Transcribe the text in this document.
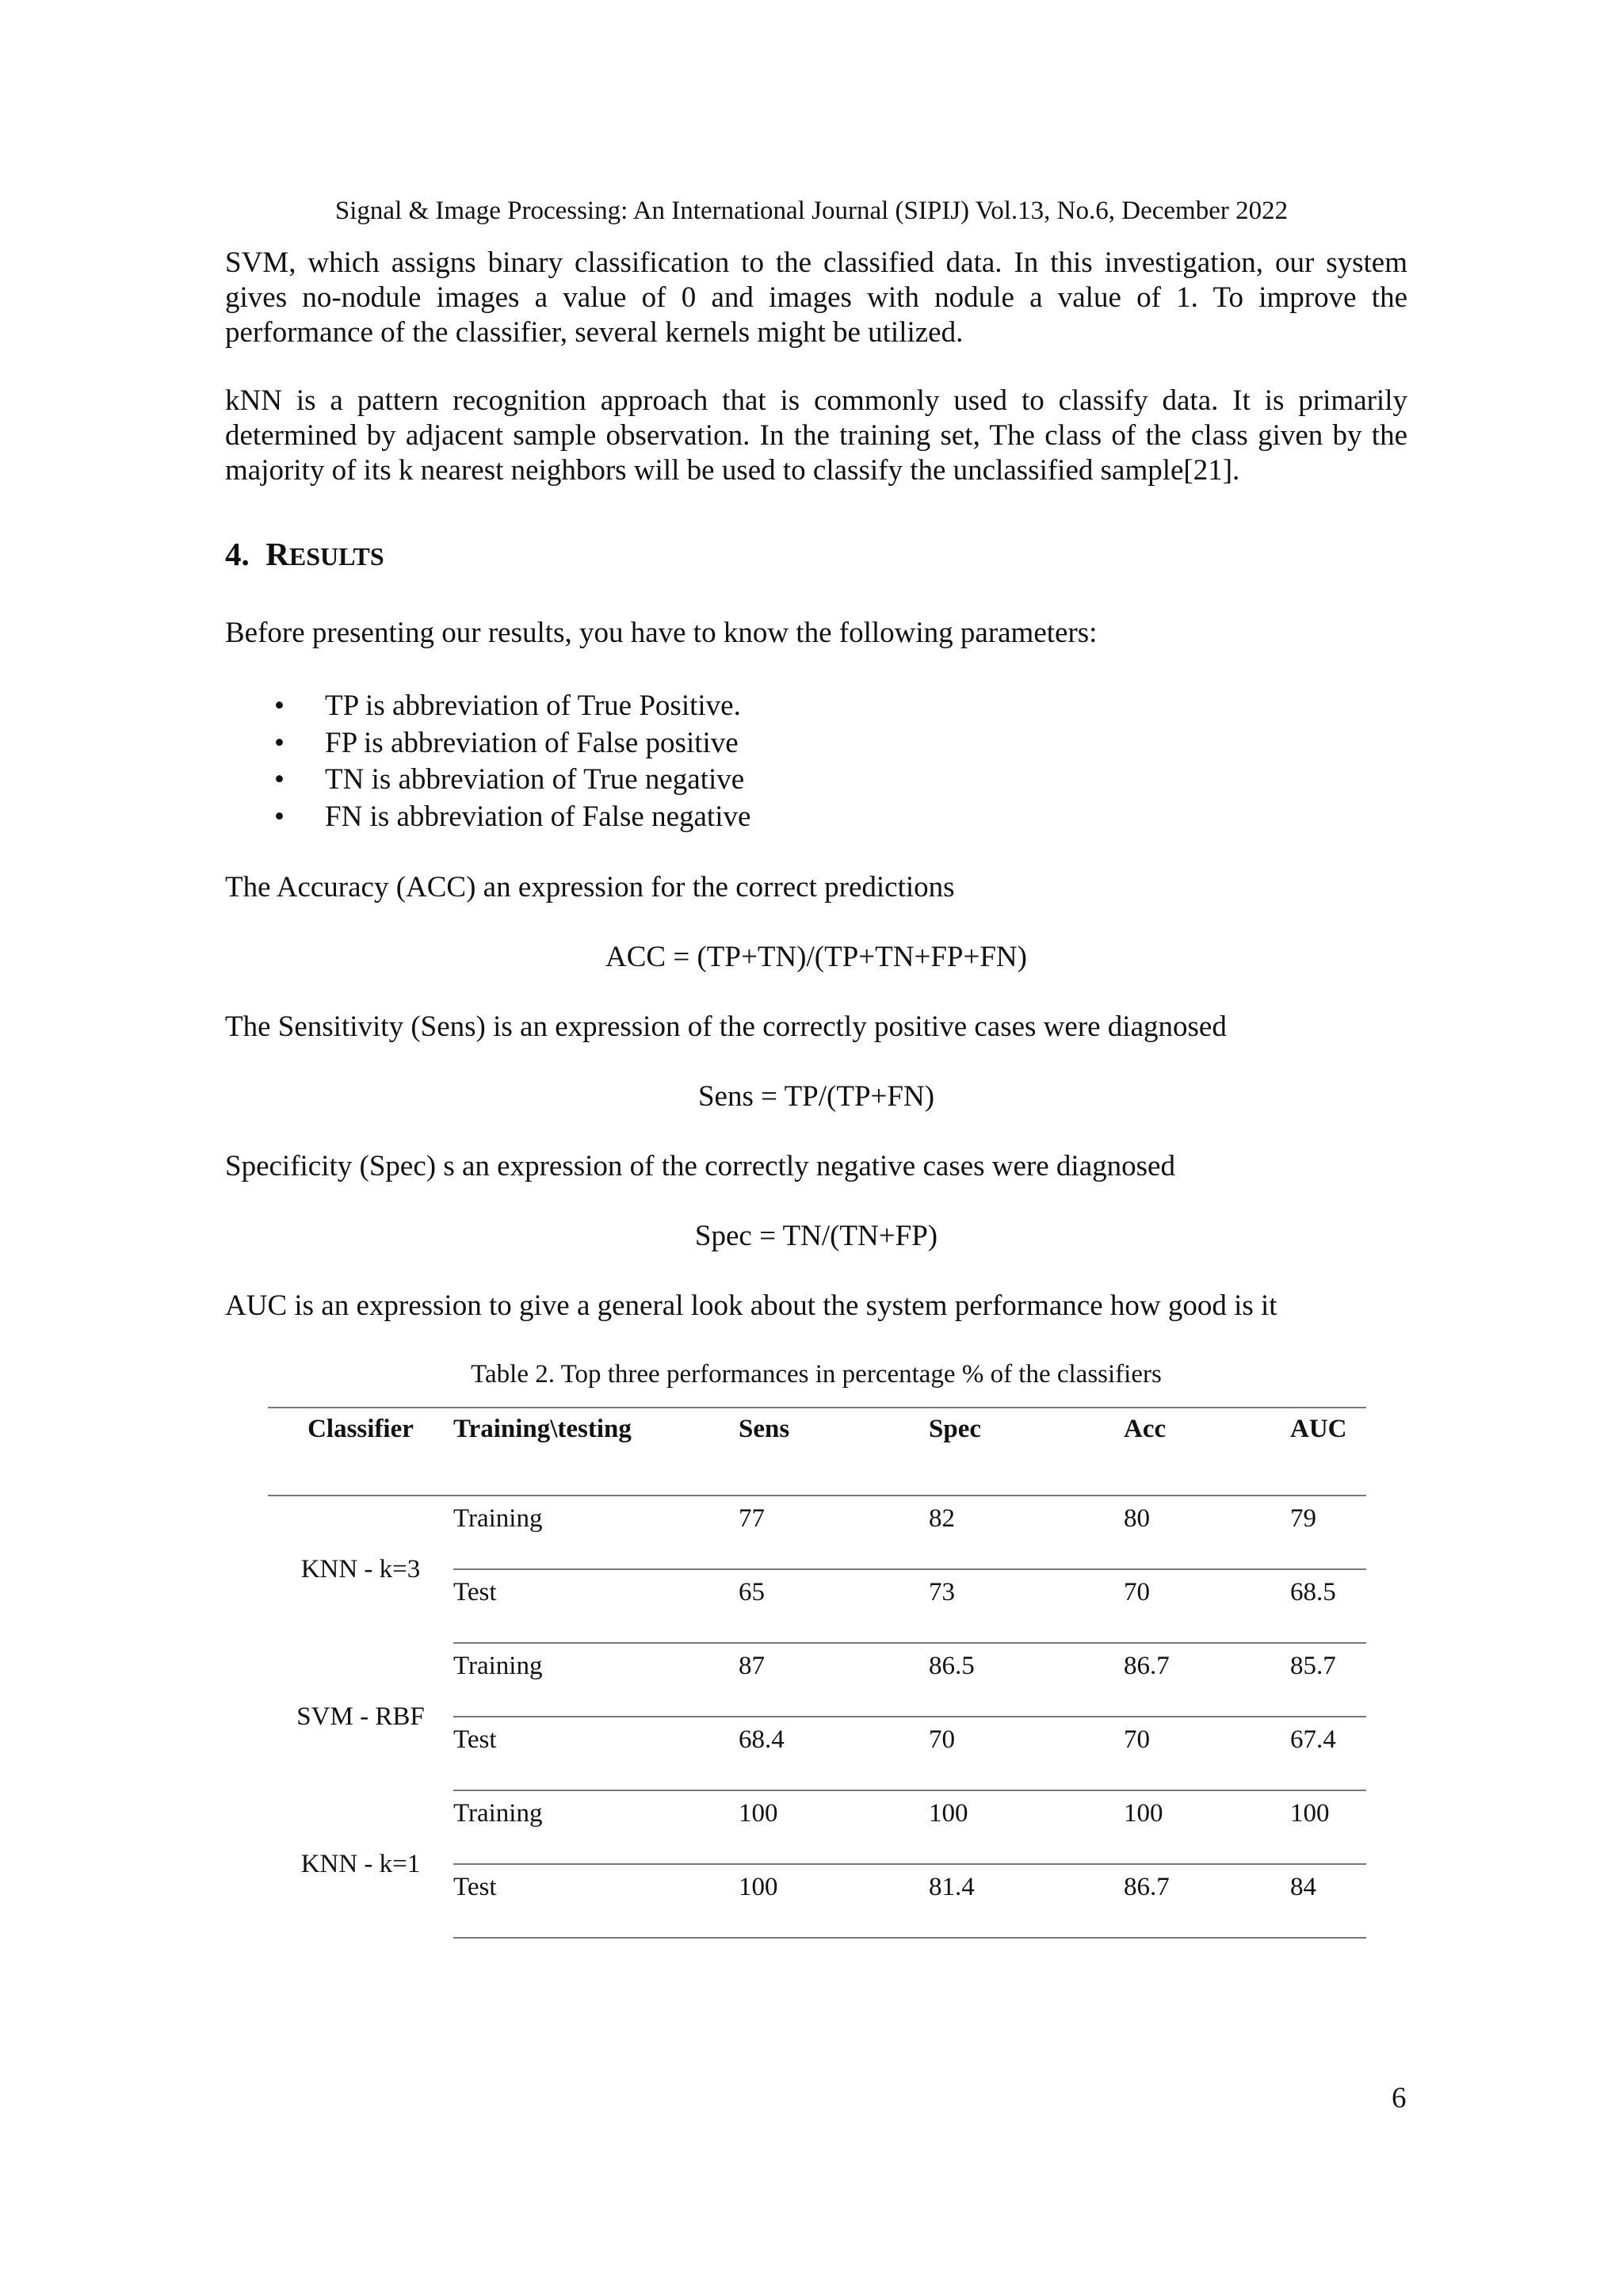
Signal & Image Processing: An International Journal (SIPIJ) Vol.13, No.6, December 2022

SVM, which assigns binary classification to the classified data. In this investigation, our system gives no-nodule images a value of 0 and images with nodule a value of 1. To improve the performance of the classifier, several kernels might be utilized.

kNN is a pattern recognition approach that is commonly used to classify data. It is primarily determined by adjacent sample observation. In the training set, The class of the class given by the majority of its k nearest neighbors will be used to classify the unclassified sample[21].

4. RESULTS

Before presenting our results, you have to know the following parameters:

• TP is abbreviation of True Positive.
• FP is abbreviation of False positive
• TN is abbreviation of True negative
• FN is abbreviation of False negative

The Accuracy (ACC) an expression for the correct predictions

ACC = (TP+TN)/(TP+TN+FP+FN)

The Sensitivity (Sens) is an expression of the correctly positive cases were diagnosed

Sens = TP/(TP+FN)

Specificity (Spec) s an expression of the correctly negative cases were diagnosed

Spec = TN/(TN+FP)

AUC is an expression to give a general look about the system performance how good is it

Table 2. Top three performances in percentage % of the classifiers

Classifier	Training\testing	Sens	Spec	Acc	AUC
KNN - k=3	Training	77	82	80	79
	Test	65	73	70	68.5
SVM - RBF	Training	87	86.5	86.7	85.7
	Test	68.4	70	70	67.4
KNN - k=1	Training	100	100	100	100
	Test	100	81.4	86.7	84
6
